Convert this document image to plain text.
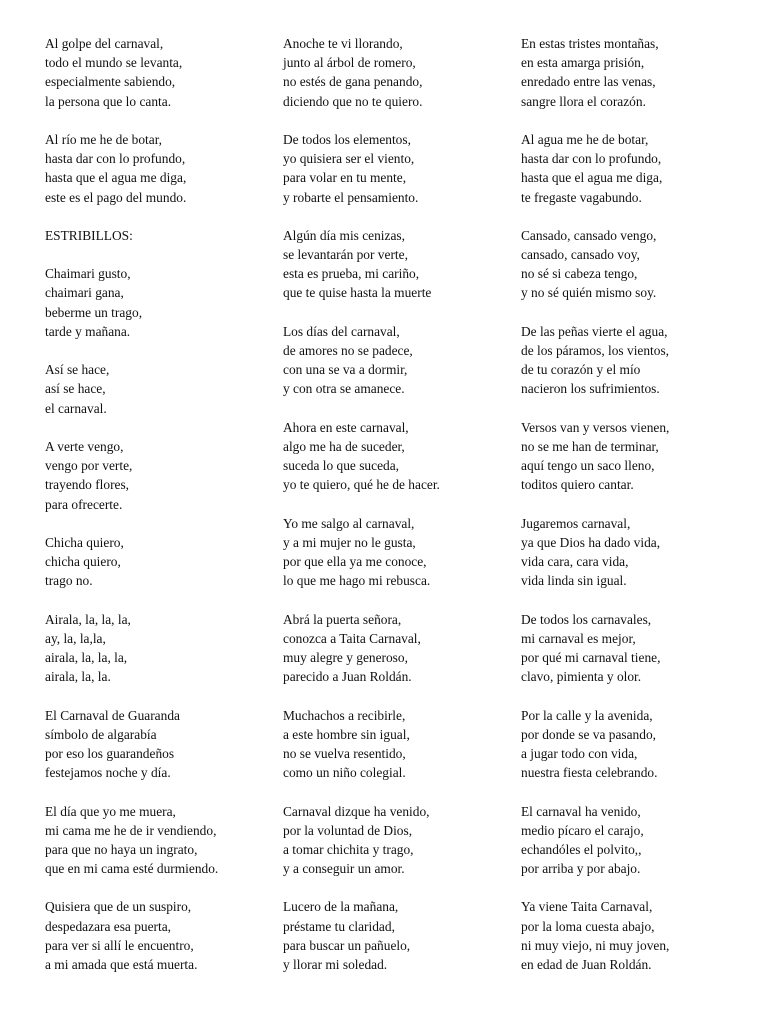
Al golpe del carnaval,
todo el mundo se levanta,
especialmente sabiendo,
la persona que lo canta.
Al río me he de botar,
hasta dar con lo profundo,
hasta que el agua me diga,
este es el pago del mundo.
ESTRIBILLOS:
Chaimari gusto,
chaimari gana,
beberme un trago,
tarde y mañana.
Así se hace,
así se hace,
el carnaval.
A verte vengo,
vengo por verte,
trayendo flores,
para ofrecerte.
Chicha quiero,
chicha quiero,
trago no.
Airala, la, la, la,
ay, la, la,la,
airala, la, la, la,
airala, la, la.
El Carnaval de Guaranda
símbolo de algarabía
por eso los guarandeños
festejamos noche y día.
El día que yo me muera,
mi cama me he de ir vendiendo,
para que no haya un ingrato,
que en mi cama esté durmiendo.
Quisiera que de un suspiro,
despedazara esa puerta,
para ver si allí le encuentro,
a mi amada que está muerta.
Anoche te vi llorando,
junto al árbol de romero,
no estés de gana penando,
diciendo que no te quiero.
De todos los elementos,
yo quisiera ser el viento,
para volar en tu mente,
y robarte el pensamiento.
Algún día mis cenizas,
se levantarán por verte,
esta es prueba, mi cariño,
que te quise hasta la muerte
Los días del carnaval,
de amores no se padece,
con una se va a dormir,
y con otra se amanece.
Ahora en este carnaval,
algo me ha de suceder,
suceda lo que suceda,
yo te quiero, qué he de hacer.
Yo me salgo al carnaval,
y a mi mujer no le gusta,
por que ella ya me conoce,
lo que me hago mi rebusca.
Abrá la puerta señora,
conozca a Taita Carnaval,
muy alegre y generoso,
parecido a Juan Roldán.
Muchachos a recibirle,
a este hombre sin igual,
no se vuelva resentido,
como un niño colegial.
Carnaval dizque ha venido,
por la voluntad de Dios,
a tomar chichita y trago,
y a conseguir un amor.
Lucero de la mañana,
préstame tu claridad,
para buscar un pañuelo,
y llorar mi soledad.
En estas tristes montañas,
en esta amarga prisión,
enredado entre las venas,
sangre llora el corazón.
Al agua me he de botar,
hasta dar con lo profundo,
hasta que el agua me diga,
te fregaste vagabundo.
Cansado, cansado vengo,
cansado, cansado voy,
no sé si cabeza tengo,
y no sé quién mismo soy.
De las peñas vierte el agua,
de los páramos, los vientos,
de tu corazón y el mío
nacieron los sufrimientos.
Versos van y versos vienen,
no se me han de terminar,
aquí tengo un saco lleno,
toditos quiero cantar.
Jugaremos carnaval,
ya que Dios ha dado vida,
vida cara, cara vida,
vida linda sin igual.
De todos los carnavales,
mi carnaval es mejor,
por qué mi carnaval tiene,
clavo, pimienta y olor.
Por la calle y la avenida,
por donde se va pasando,
a jugar todo con vida,
nuestra fiesta celebrando.
El carnaval ha venido,
medio pícaro el carajo,
echandóles el polvito,,
por arriba y por abajo.
Ya viene Taita Carnaval,
por la loma cuesta abajo,
ni muy viejo, ni muy joven,
en edad de Juan Roldán.
